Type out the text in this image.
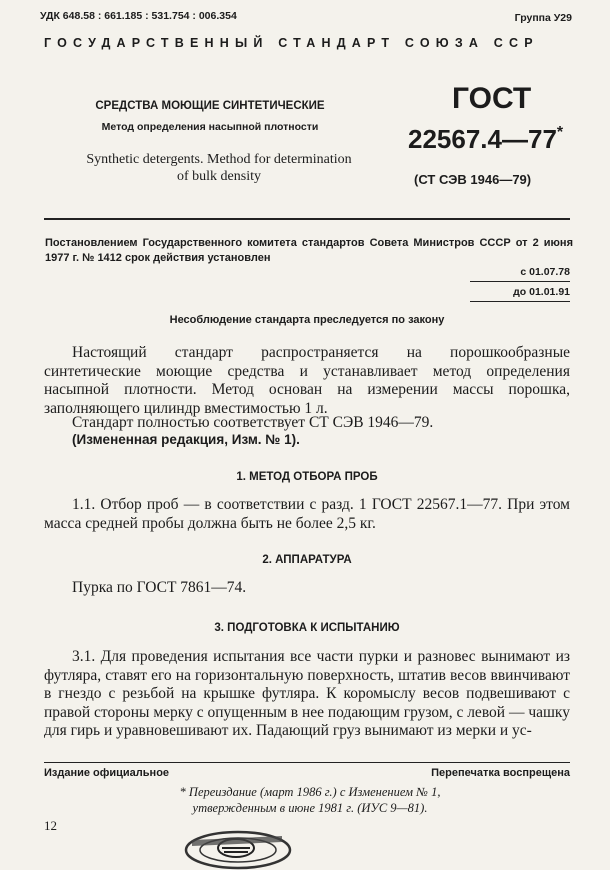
УДК 648.58 : 661.185 : 531.754 : 006.354	Группа У29
ГОСУДАРСТВЕННЫЙ СТАНДАРТ СОЮЗА ССР
СРЕДСТВА МОЮЩИЕ СИНТЕТИЧЕСКИЕ
Метод определения насыпной плотности
Synthetic detergents. Method for determination
of bulk density
ГОСТ
22567.4—77*
(СТ СЭВ 1946—79)
Постановлением Государственного комитета стандартов Совета Министров СССР от 2 июня 1977 г. № 1412 срок действия установлен
с 01.07.78
до 01.01.91
Несоблюдение стандарта преследуется по закону
Настоящий стандарт распространяется на порошкообразные синтетические моющие средства и устанавливает метод определения насыпной плотности. Метод основан на измерении массы порошка, заполняющего цилиндр вместимостью 1 л.
Стандарт полностью соответствует СТ СЭВ 1946—79.
(Измененная редакция, Изм. № 1).
1. МЕТОД ОТБОРА ПРОБ
1.1. Отбор проб — в соответствии с разд. 1 ГОСТ 22567.1—77. При этом масса средней пробы должна быть не более 2,5 кг.
2. АППАРАТУРА
Пурка по ГОСТ 7861—74.
3. ПОДГОТОВКА К ИСПЫТАНИЮ
3.1. Для проведения испытания все части пурки и разновес вынимают из футляра, ставят его на горизонтальную поверхность, штатив весов ввинчивают в гнездо с резьбой на крышке футляра. К коромыслу весов подвешивают с правой стороны мерку с опущенным в нее подающим грузом, с левой — чашку для гирь и уравновешивают их. Падающий груз вынимают из мерки и ус-
Издание официальное	Перепечатка воспрещена
* Переиздание (март 1986 г.) с Изменением № 1,
утвержденным в июне 1981 г. (ИУС 9—81).
12
